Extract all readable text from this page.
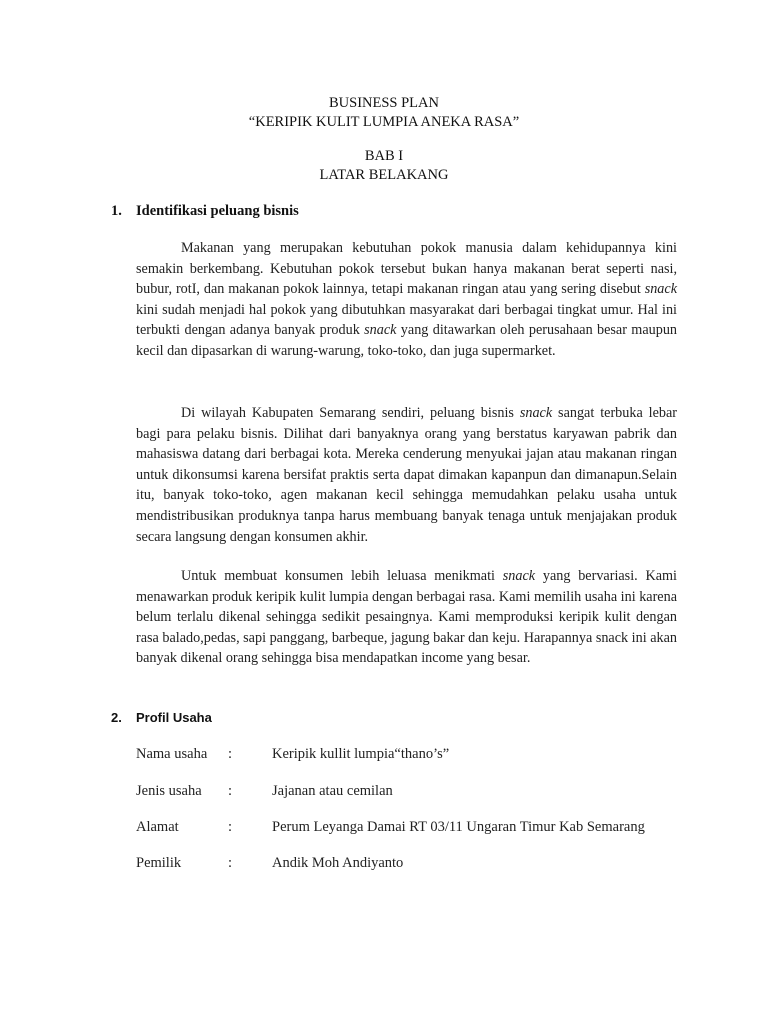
BUSINESS PLAN
“KERIPIK KULIT LUMPIA ANEKA RASA”
BAB I
LATAR BELAKANG
1. Identifikasi peluang bisnis

Makanan yang merupakan kebutuhan pokok manusia dalam kehidupannya kini semakin berkembang. Kebutuhan pokok tersebut bukan hanya makanan berat seperti nasi, bubur, rotI, dan makanan pokok lainnya, tetapi makanan ringan atau yang sering disebut snack kini sudah menjadi hal pokok yang dibutuhkan masyarakat dari berbagai tingkat umur. Hal ini terbukti dengan adanya banyak produk snack yang ditawarkan oleh perusahaan besar maupun kecil dan dipasarkan di warung-warung, toko-toko, dan juga supermarket.

Di wilayah Kabupaten Semarang sendiri, peluang bisnis snack sangat terbuka lebar bagi para pelaku bisnis. Dilihat dari banyaknya orang yang berstatus karyawan pabrik dan mahasiswa datang dari berbagai kota. Mereka cenderung menyukai jajan atau makanan ringan untuk dikonsumsi karena bersifat praktis serta dapat dimakan kapanpun dan dimanapun.Selain itu, banyak toko-toko, agen makanan kecil sehingga memudahkan pelaku usaha untuk mendistribusikan produknya tanpa harus membuang banyak tenaga untuk menjajakan produk secara langsung dengan konsumen akhir.

Untuk membuat konsumen lebih leluasa menikmati snack yang bervariasi. Kami menawarkan produk keripik kulit lumpia dengan berbagai rasa. Kami memilih usaha ini karena belum terlalu dikenal sehingga sedikit pesaingnya. Kami memproduksi keripik kulit dengan rasa balado,pedas, sapi panggang, barbeque, jagung bakar dan keju. Harapannya snack ini akan banyak dikenal orang sehingga bisa mendapatkan income yang besar.

2. Profil Usaha
Nama usaha :	Keripik kullit lumpia“thano’s”
Jenis usaha :	Jajanan atau cemilan
Alamat	:	Perum Leyanga Damai RT 03/11 Ungaran Timur Kab Semarang
Pemilik	:	Andik Moh Andiyanto
